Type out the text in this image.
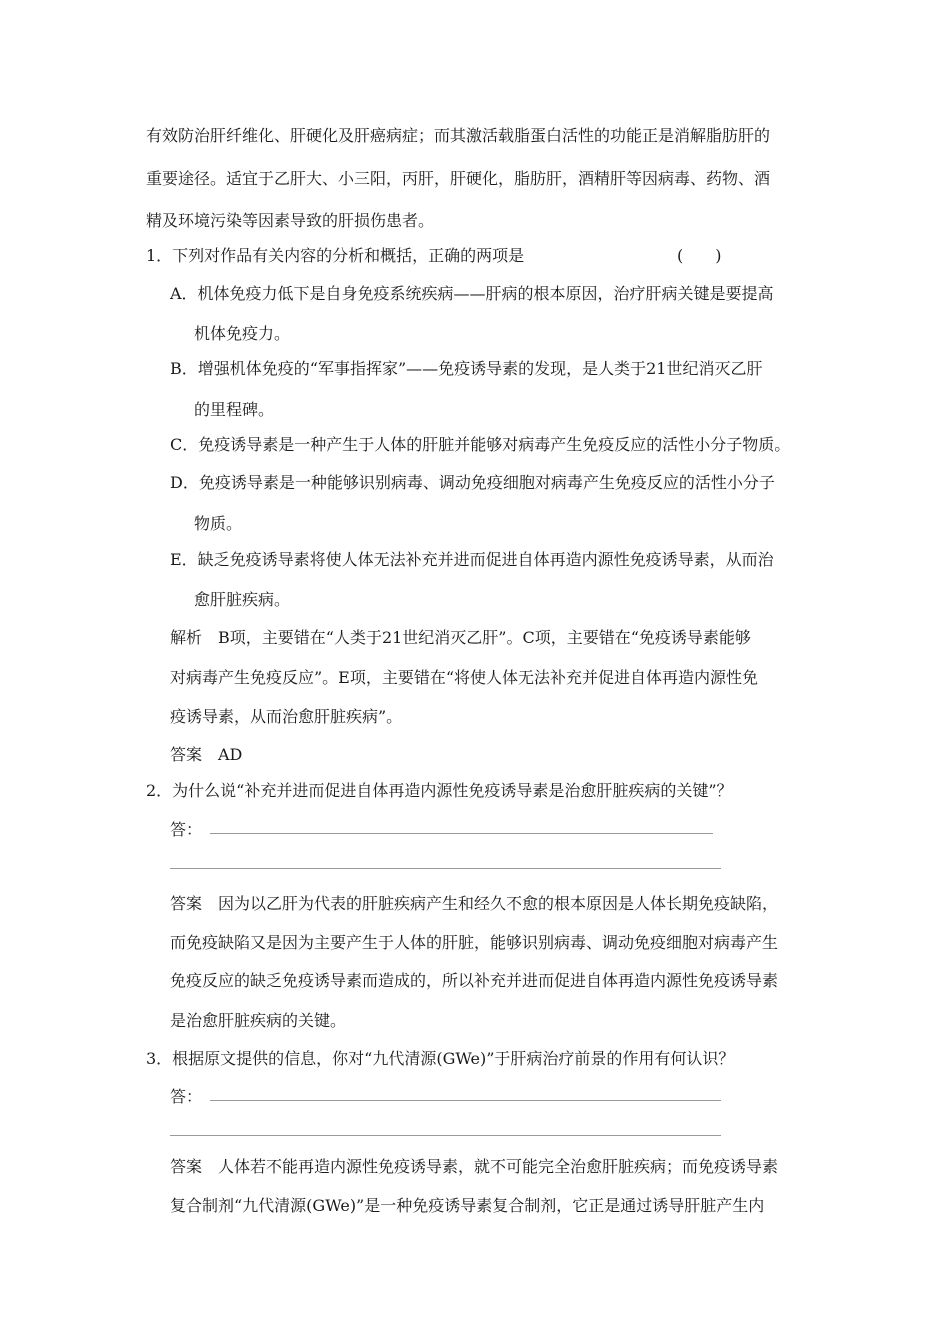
有效防治肝纤维化、肝硬化及肝癌病症；而其激活载脂蛋白活性的功能正是消解脂肪肝的
重要途径。适宜于乙肝大、小三阳，丙肝，肝硬化，脂肪肝，酒精肝等因病毒、药物、酒
精及环境污染等因素导致的肝损伤患者。
1．下列对作品有关内容的分析和概括，正确的两项是	(　　)
A．机体免疫力低下是自身免疫系统疾病——肝病的根本原因，治疗肝病关键是要提高
机体免疫力。
B．增强机体免疫的“军事指挥家”——免疫诱导素的发现，是人类于21世纪消灭乙肝
的里程碑。
C．免疫诱导素是一种产生于人体的肝脏并能够对病毒产生免疫反应的活性小分子物质。
D．免疫诱导素是一种能够识别病毒、调动免疫细胞对病毒产生免疫反应的活性小分子
物质。
E．缺乏免疫诱导素将使人体无法补充并进而促进自体再造内源性免疫诱导素，从而治
愈肝脏疾病。
解析　B项，主要错在“人类于21世纪消灭乙肝”。C项，主要错在“免疫诱导素能够
对病毒产生免疫反应”。E项，主要错在“将使人体无法补充并促进自体再造内源性免
疫诱导素，从而治愈肝脏疾病”。
答案　AD
2．为什么说“补充并进而促进自体再造内源性免疫诱导素是治愈肝脏疾病的关键”？
答：
答案　因为以乙肝为代表的肝脏疾病产生和经久不愈的根本原因是人体长期免疫缺陷，
而免疫缺陷又是因为主要产生于人体的肝脏，能够识别病毒、调动免疫细胞对病毒产生
免疫反应的缺乏免疫诱导素而造成的，所以补充并进而促进自体再造内源性免疫诱导素
是治愈肝脏疾病的关键。
3．根据原文提供的信息，你对“九代清源(GWe)”于肝病治疗前景的作用有何认识？
答：
答案　人体若不能再造内源性免疫诱导素，就不可能完全治愈肝脏疾病；而免疫诱导素
复合制剂“九代清源(GWe)”是一种免疫诱导素复合制剂，它正是通过诱导肝脏产生内
